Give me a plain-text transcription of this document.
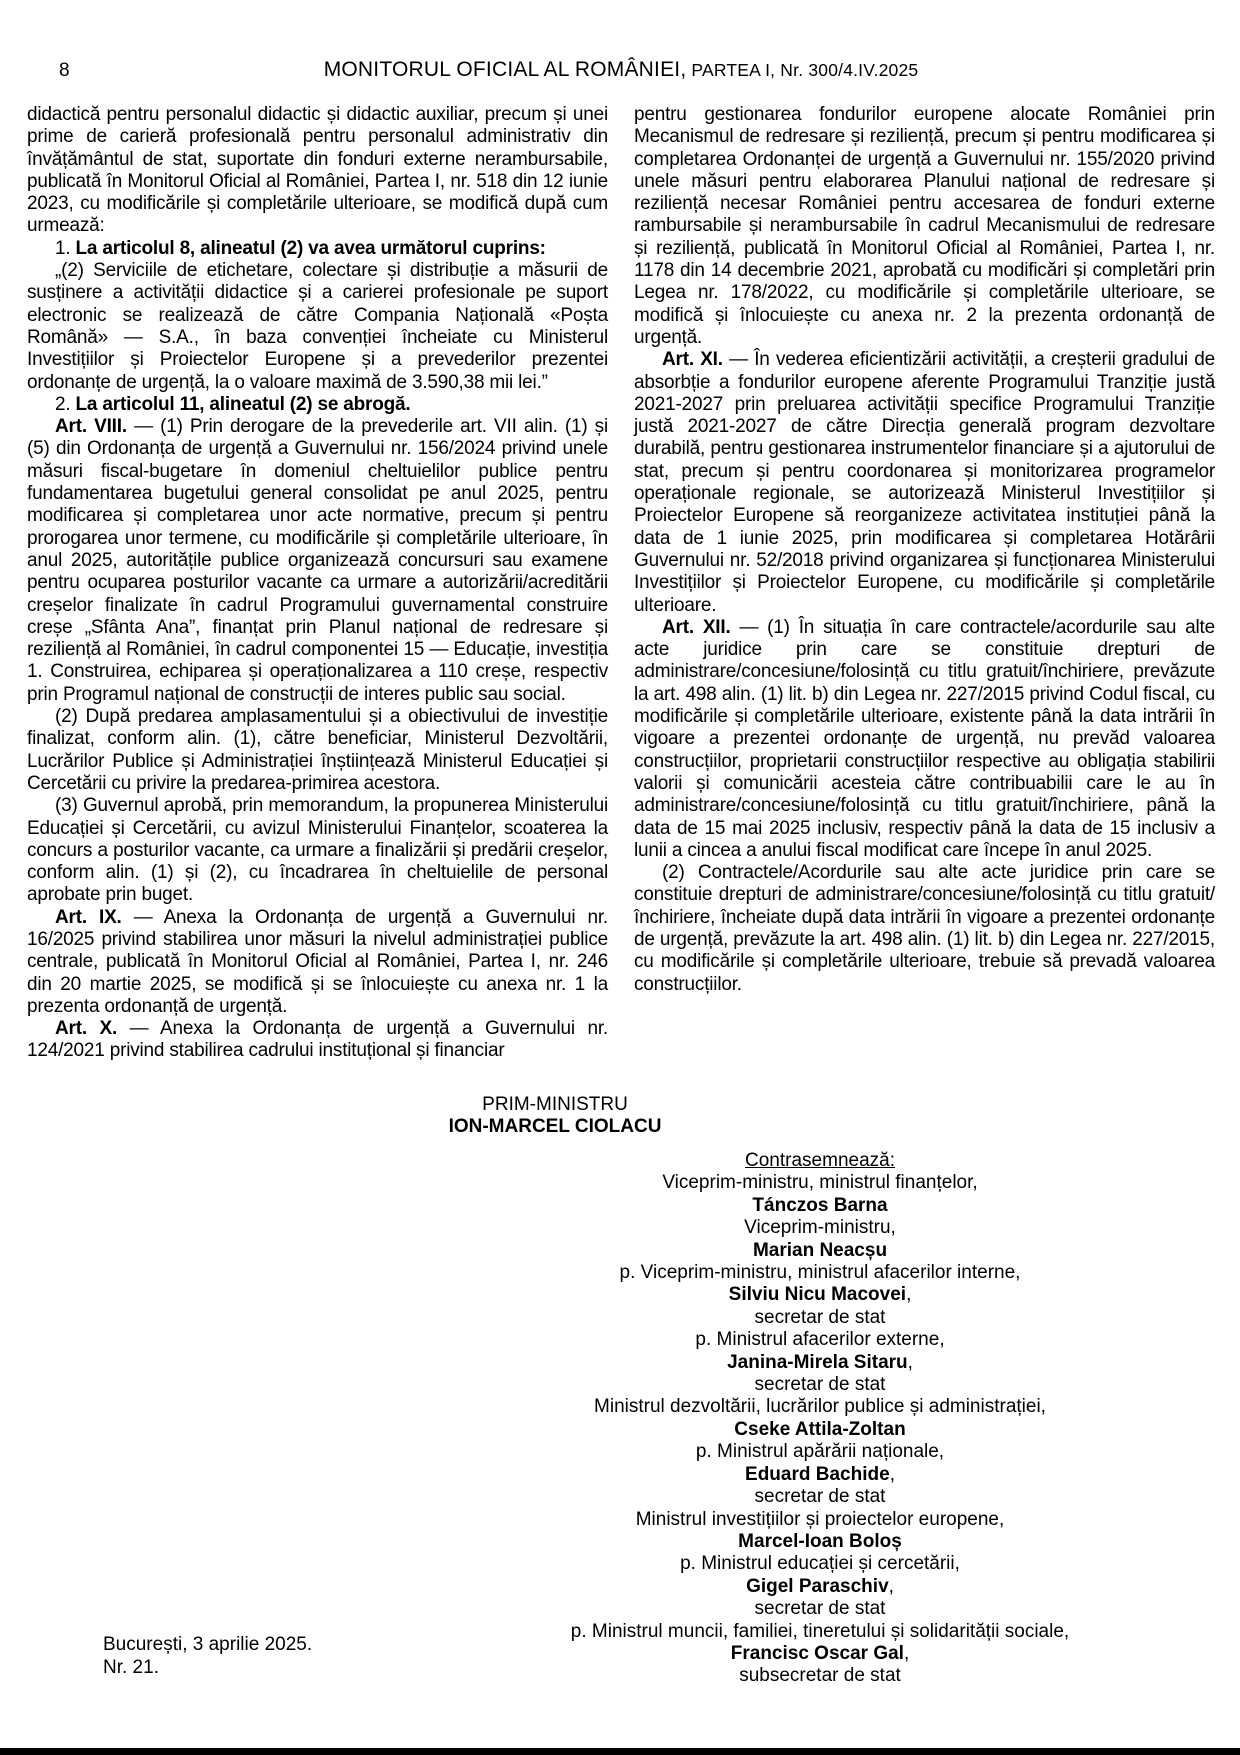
8	MONITORUL OFICIAL AL ROMÂNIEI, PARTEA I, Nr. 300/4.IV.2025

didactică pentru personalul didactic și didactic auxiliar, precum și unei prime de carieră profesională pentru personalul administrativ din învățământul de stat, suportate din fonduri externe nerambursabile, publicată în Monitorul Oficial al României, Partea I, nr. 518 din 12 iunie 2023, cu modificările și completările ulterioare, se modifică după cum urmează:

1. La articolul 8, alineatul (2) va avea următorul cuprins:

„(2) Serviciile de etichetare, colectare și distribuție a măsurii de susținere a activității didactice și a carierei profesionale pe suport electronic se realizează de către Compania Națională «Poșta Română» — S.A., în baza convenției încheiate cu Ministerul Investițiilor și Proiectelor Europene și a prevederilor prezentei ordonanțe de urgență, la o valoare maximă de 3.590,38 mii lei.”

2. La articolul 11, alineatul (2) se abrogă.

Art. VIII. — (1) Prin derogare de la prevederile art. VII alin. (1) și (5) din Ordonanța de urgență a Guvernului nr. 156/2024 privind unele măsuri fiscal-bugetare în domeniul cheltuielilor publice pentru fundamentarea bugetului general consolidat pe anul 2025, pentru modificarea și completarea unor acte normative, precum și pentru prorogarea unor termene, cu modificările și completările ulterioare, în anul 2025, autoritățile publice organizează concursuri sau examene pentru ocuparea posturilor vacante ca urmare a autorizării/acreditării creșelor finalizate în cadrul Programului guvernamental construire creșe „Sfânta Ana”, finanțat prin Planul național de redresare și reziliență al României, în cadrul componentei 15 — Educație, investiția 1. Construirea, echiparea și operaționalizarea a 110 creșe, respectiv prin Programul național de construcții de interes public sau social.

(2) După predarea amplasamentului și a obiectivului de investiție finalizat, conform alin. (1), către beneficiar, Ministerul Dezvoltării, Lucrărilor Publice și Administrației înștiințează Ministerul Educației și Cercetării cu privire la predarea-primirea acestora.

(3) Guvernul aprobă, prin memorandum, la propunerea Ministerului Educației și Cercetării, cu avizul Ministerului Finanțelor, scoaterea la concurs a posturilor vacante, ca urmare a finalizării și predării creșelor, conform alin. (1) și (2), cu încadrarea în cheltuielile de personal aprobate prin buget.

Art. IX. — Anexa la Ordonanța de urgență a Guvernului nr. 16/2025 privind stabilirea unor măsuri la nivelul administrației publice centrale, publicată în Monitorul Oficial al României, Partea I, nr. 246 din 20 martie 2025, se modifică și se înlocuiește cu anexa nr. 1 la prezenta ordonanță de urgență.

Art. X. — Anexa la Ordonanța de urgență a Guvernului nr. 124/2021 privind stabilirea cadrului instituțional și financiar

pentru gestionarea fondurilor europene alocate României prin Mecanismul de redresare și reziliență, precum și pentru modificarea și completarea Ordonanței de urgență a Guvernului nr. 155/2020 privind unele măsuri pentru elaborarea Planului național de redresare și reziliență necesar României pentru accesarea de fonduri externe rambursabile și nerambursabile în cadrul Mecanismului de redresare și reziliență, publicată în Monitorul Oficial al României, Partea I, nr. 1178 din 14 decembrie 2021, aprobată cu modificări și completări prin Legea nr. 178/2022, cu modificările și completările ulterioare, se modifică și înlocuiește cu anexa nr. 2 la prezenta ordonanță de urgență.

Art. XI. — În vederea eficientizării activității, a creșterii gradului de absorbție a fondurilor europene aferente Programului Tranziție justă 2021-2027 prin preluarea activității specifice Programului Tranziție justă 2021-2027 de către Direcția generală program dezvoltare durabilă, pentru gestionarea instrumentelor financiare și a ajutorului de stat, precum și pentru coordonarea și monitorizarea programelor operaționale regionale, se autorizează Ministerul Investițiilor și Proiectelor Europene să reorganizeze activitatea instituției până la data de 1 iunie 2025, prin modificarea și completarea Hotărârii Guvernului nr. 52/2018 privind organizarea și funcționarea Ministerului Investițiilor și Proiectelor Europene, cu modificările și completările ulterioare.

Art. XII. — (1) În situația în care contractele/acordurile sau alte acte juridice prin care se constituie drepturi de administrare/concesiune/folosință cu titlu gratuit/închiriere, prevăzute la art. 498 alin. (1) lit. b) din Legea nr. 227/2015 privind Codul fiscal, cu modificările și completările ulterioare, existente până la data intrării în vigoare a prezentei ordonanțe de urgență, nu prevăd valoarea construcțiilor, proprietarii construcțiilor respective au obligația stabilirii valorii și comunicării acesteia către contribuabilii care le au în administrare/concesiune/folosință cu titlu gratuit/închiriere, până la data de 15 mai 2025 inclusiv, respectiv până la data de 15 inclusiv a lunii a cincea a anului fiscal modificat care începe în anul 2025.

(2) Contractele/Acordurile sau alte acte juridice prin care se constituie drepturi de administrare/concesiune/folosință cu titlu gratuit/închiriere, încheiate după data intrării în vigoare a prezentei ordonanțe de urgență, prevăzute la art. 498 alin. (1) lit. b) din Legea nr. 227/2015, cu modificările și completările ulterioare, trebuie să prevadă valoarea construcțiilor.

PRIM-MINISTRU
ION-MARCEL CIOLACU
Contrasemnează:
Viceprim-ministru, ministrul finanțelor,
Tánczos Barna
Viceprim-ministru,
Marian Neacșu
p. Viceprim-ministru, ministrul afacerilor interne,
Silviu Nicu Macovei,
secretar de stat
p. Ministrul afacerilor externe,
Janina-Mirela Sitaru,
secretar de stat
Ministrul dezvoltării, lucrărilor publice și administrației,
Cseke Attila-Zoltan
p. Ministrul apărării naționale,
Eduard Bachide,
secretar de stat
Ministrul investițiilor și proiectelor europene,
Marcel-Ioan Boloș
p. Ministrul educației și cercetării,
Gigel Paraschiv,
secretar de stat
p. Ministrul muncii, familiei, tineretului și solidarității sociale,
Francisc Oscar Gal,
subsecretar de stat
București, 3 aprilie 2025.
Nr. 21.
